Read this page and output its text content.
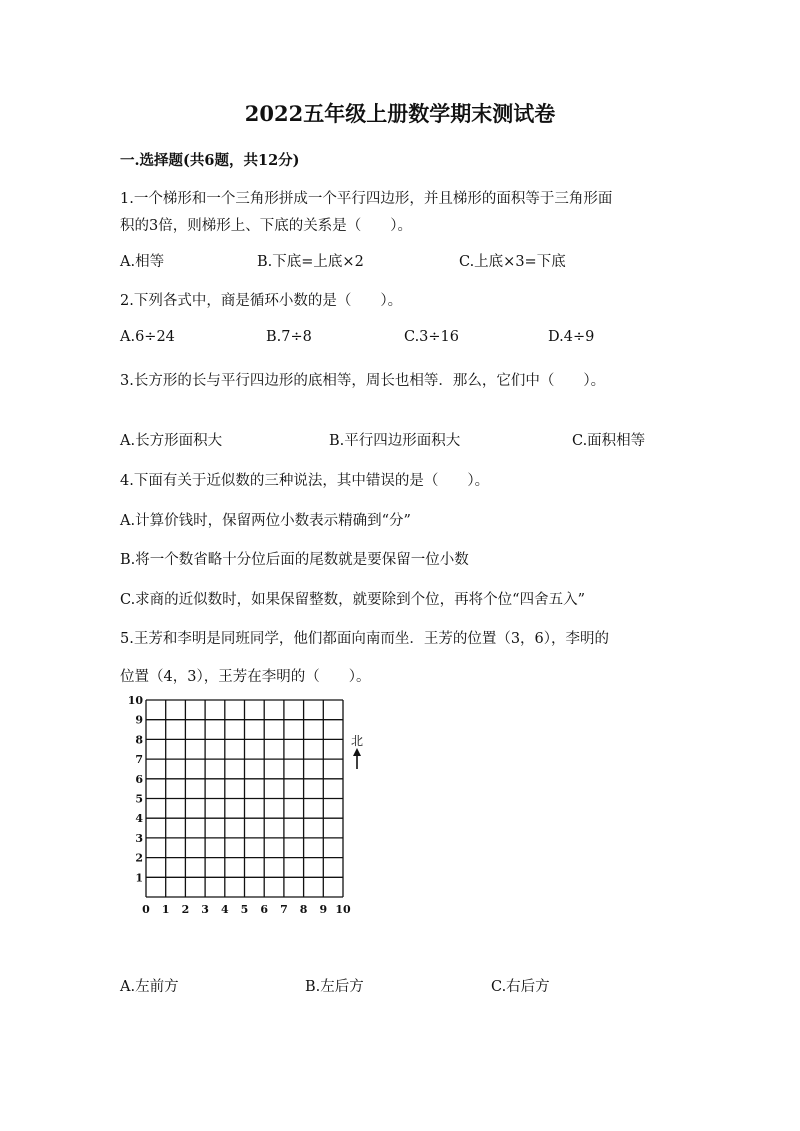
2022五年级上册数学期末测试卷
一.选择题(共6题，共12分)
1.一个梯形和一个三角形拼成一个平行四边形，并且梯形的面积等于三角形面
积的3倍，则梯形上、下底的关系是（　　）。
A.相等	B.下底=上底×2	C.上底×3=下底
2.下列各式中，商是循环小数的是（　　）。
A.6÷24	B.7÷8	C.3÷16	D.4÷9
3.长方形的长与平行四边形的底相等，周长也相等．那么，它们中（　　）。
A.长方形面积大	B.平行四边形面积大	C.面积相等
4.下面有关于近似数的三种说法，其中错误的是（　　）。
A.计算价钱时，保留两位小数表示精确到“分”
B.将一个数省略十分位后面的尾数就是要保留一位小数
C.求商的近似数时，如果保留整数，就要除到个位，再将个位“四舍五入”
5.王芳和李明是同班同学，他们都面向南而坐．王芳的位置（3，6），李明的
位置（4，3），王芳在李明的（　　）。
0 1 2 3 4 5 6 7 8 9 10
1
2
3
4
5
6
7
8
9
10
北
A.左前方	B.左后方	C.右后方
